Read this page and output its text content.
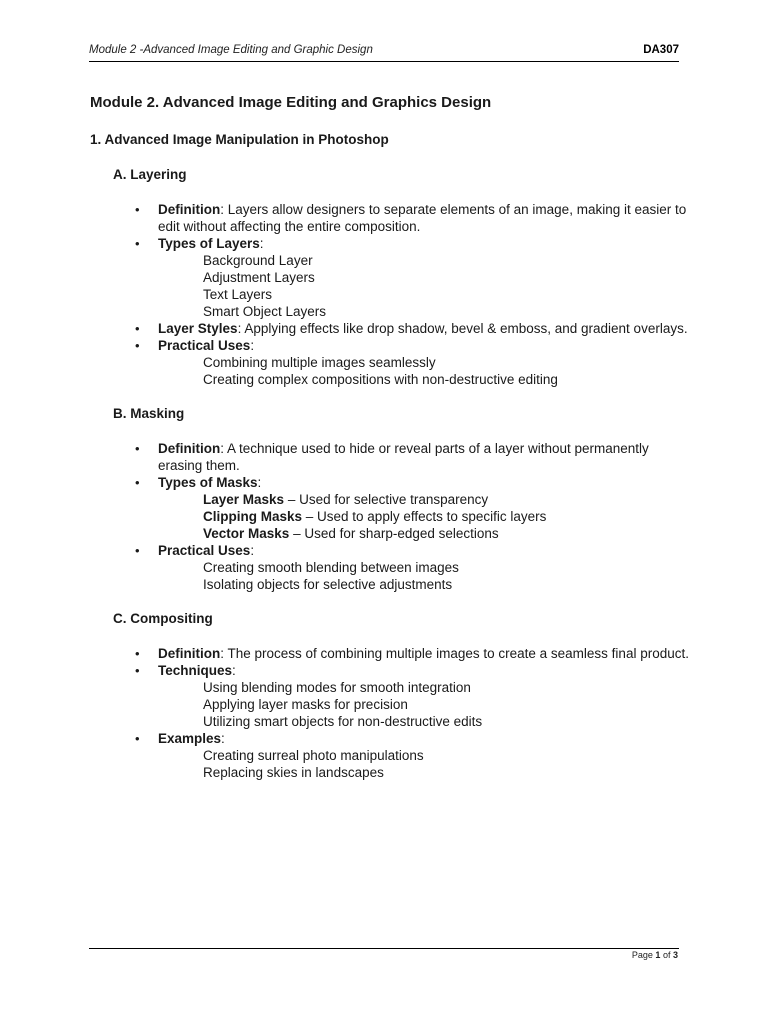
Module 2 -Advanced Image Editing and Graphic Design	DA307
Module 2. Advanced Image Editing and Graphics Design
1. Advanced Image Manipulation in Photoshop
A. Layering
• Definition: Layers allow designers to separate elements of an image, making it easier to edit without affecting the entire composition.
• Types of Layers:
Background Layer
Adjustment Layers
Text Layers
Smart Object Layers
• Layer Styles: Applying effects like drop shadow, bevel & emboss, and gradient overlays.
• Practical Uses:
Combining multiple images seamlessly
Creating complex compositions with non-destructive editing
B. Masking
• Definition: A technique used to hide or reveal parts of a layer without permanently erasing them.
• Types of Masks:
Layer Masks – Used for selective transparency
Clipping Masks – Used to apply effects to specific layers
Vector Masks – Used for sharp-edged selections
• Practical Uses:
Creating smooth blending between images
Isolating objects for selective adjustments
C. Compositing
• Definition: The process of combining multiple images to create a seamless final product.
• Techniques:
Using blending modes for smooth integration
Applying layer masks for precision
Utilizing smart objects for non-destructive edits
• Examples:
Creating surreal photo manipulations
Replacing skies in landscapes
Page 1 of 3
